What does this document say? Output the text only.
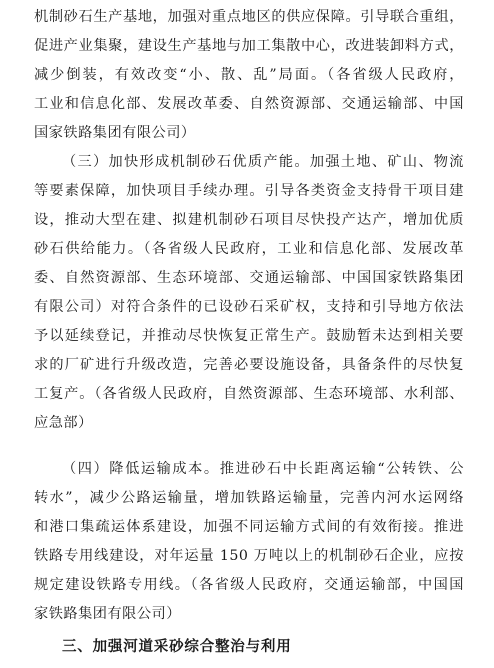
机制砂石生产基地，加强对重点地区的供应保障。引导联合重组，
促进产业集聚，建设生产基地与加工集散中心，改进装卸料方式，
减少倒装，有效改变“小、散、乱”局面。（各省级人民政府，
工业和信息化部、发展改革委、自然资源部、交通运输部、中国
国家铁路集团有限公司）
（三）加快形成机制砂石优质产能。加强土地、矿山、物流
等要素保障，加快项目手续办理。引导各类资金支持骨干项目建
设，推动大型在建、拟建机制砂石项目尽快投产达产，增加优质
砂石供给能力。（各省级人民政府，工业和信息化部、发展改革
委、自然资源部、生态环境部、交通运输部、中国国家铁路集团
有限公司）对符合条件的已设砂石采矿权，支持和引导地方依法
予以延续登记，并推动尽快恢复正常生产。鼓励暂未达到相关要
求的厂矿进行升级改造，完善必要设施设备，具备条件的尽快复
工复产。（各省级人民政府，自然资源部、生态环境部、水利部、
应急部）
（四）降低运输成本。推进砂石中长距离运输“公转铁、公
转水”，减少公路运输量，增加铁路运输量，完善内河水运网络
和港口集疏运体系建设，加强不同运输方式间的有效衔接。推进
铁路专用线建设，对年运量 150 万吨以上的机制砂石企业，应按
规定建设铁路专用线。（各省级人民政府，交通运输部，中国国
家铁路集团有限公司）
三、加强河道采砂综合整治与利用
